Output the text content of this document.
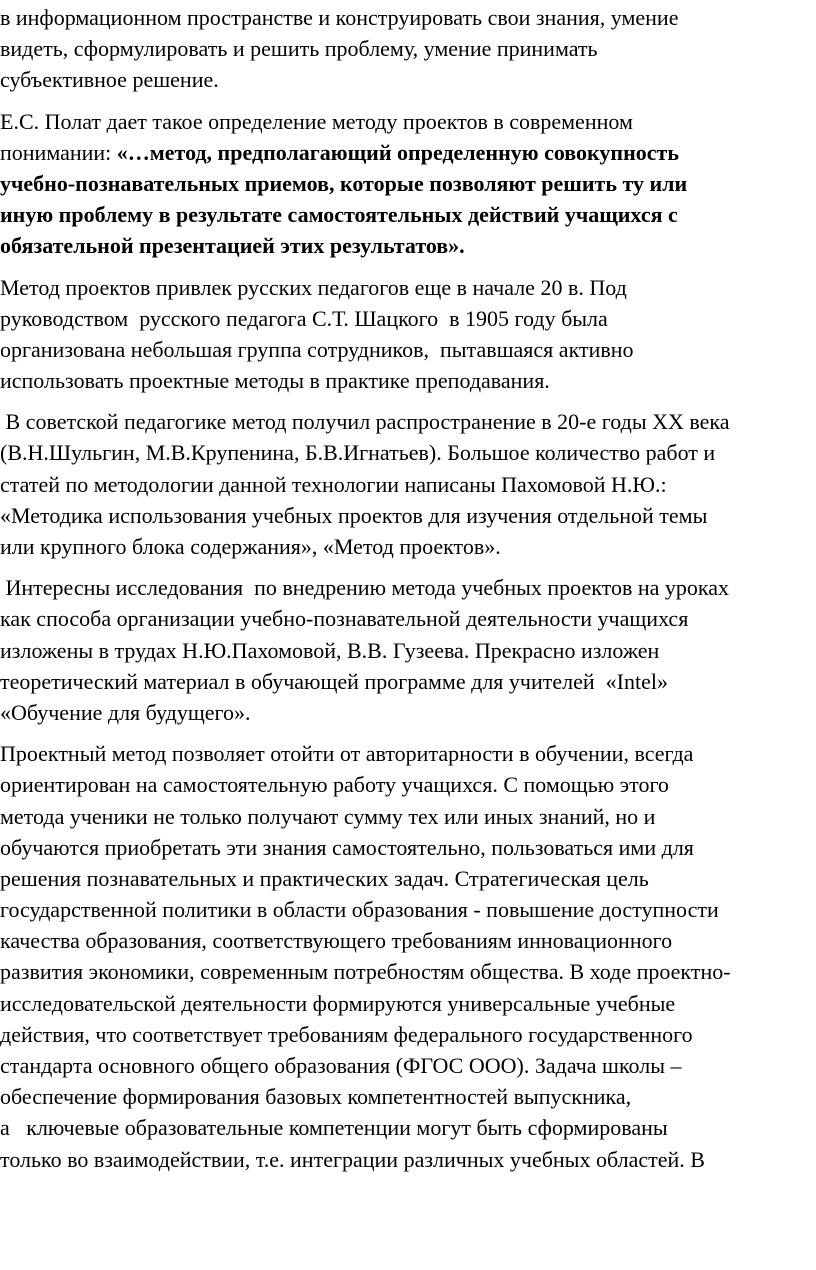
в информационном пространстве и конструировать свои знания, умение
видеть, сформулировать и решить проблему, умение принимать
субъективное решение.

Е.С. Полат дает такое определение методу проектов в современном
понимании: «…метод, предполагающий определенную совокупность
учебно-познавательных приемов, которые позволяют решить ту или
иную проблему в результате самостоятельных действий учащихся с
обязательной презентацией этих результатов».

Метод проектов привлек русских педагогов еще в начале 20 в. Под
руководством  русского педагога С.Т. Шацкого  в 1905 году была
организована небольшая группа сотрудников,  пытавшаяся активно
использовать проектные методы в практике преподавания.

В советской педагогике метод получил распространение в 20-е годы XX века
(В.Н.Шульгин, М.В.Крупенина, Б.В.Игнатьев). Большое количество работ и
статей по методологии данной технологии написаны Пахомовой Н.Ю.:
«Методика использования учебных проектов для изучения отдельной темы
или крупного блока содержания», «Метод проектов».

Интересны исследования  по внедрению метода учебных проектов на уроках
как способа организации учебно-познавательной деятельности учащихся
изложены в трудах Н.Ю.Пахомовой, В.В. Гузеева. Прекрасно изложен
теоретический материал в обучающей программе для учителей  «Intel»
«Обучение для будущего».

Проектный метод позволяет отойти от авторитарности в обучении, всегда
ориентирован на самостоятельную работу учащихся. С помощью этого
метода ученики не только получают сумму тех или иных знаний, но и
обучаются приобретать эти знания самостоятельно, пользоваться ими для
решения познавательных и практических задач. Стратегическая цель
государственной политики в области образования - повышение доступности
качества образования, соответствующего требованиям инновационного
развития экономики, современным потребностям общества. В ходе проектно-
исследовательской деятельности формируются универсальные учебные
действия, что соответствует требованиям федерального государственного
стандарта основного общего образования (ФГОС ООО). Задача школы –
обеспечение формирования базовых компетентностей выпускника,
а   ключевые образовательные компетенции могут быть сформированы
только во взаимодействии, т.е. интеграции различных учебных областей. В
